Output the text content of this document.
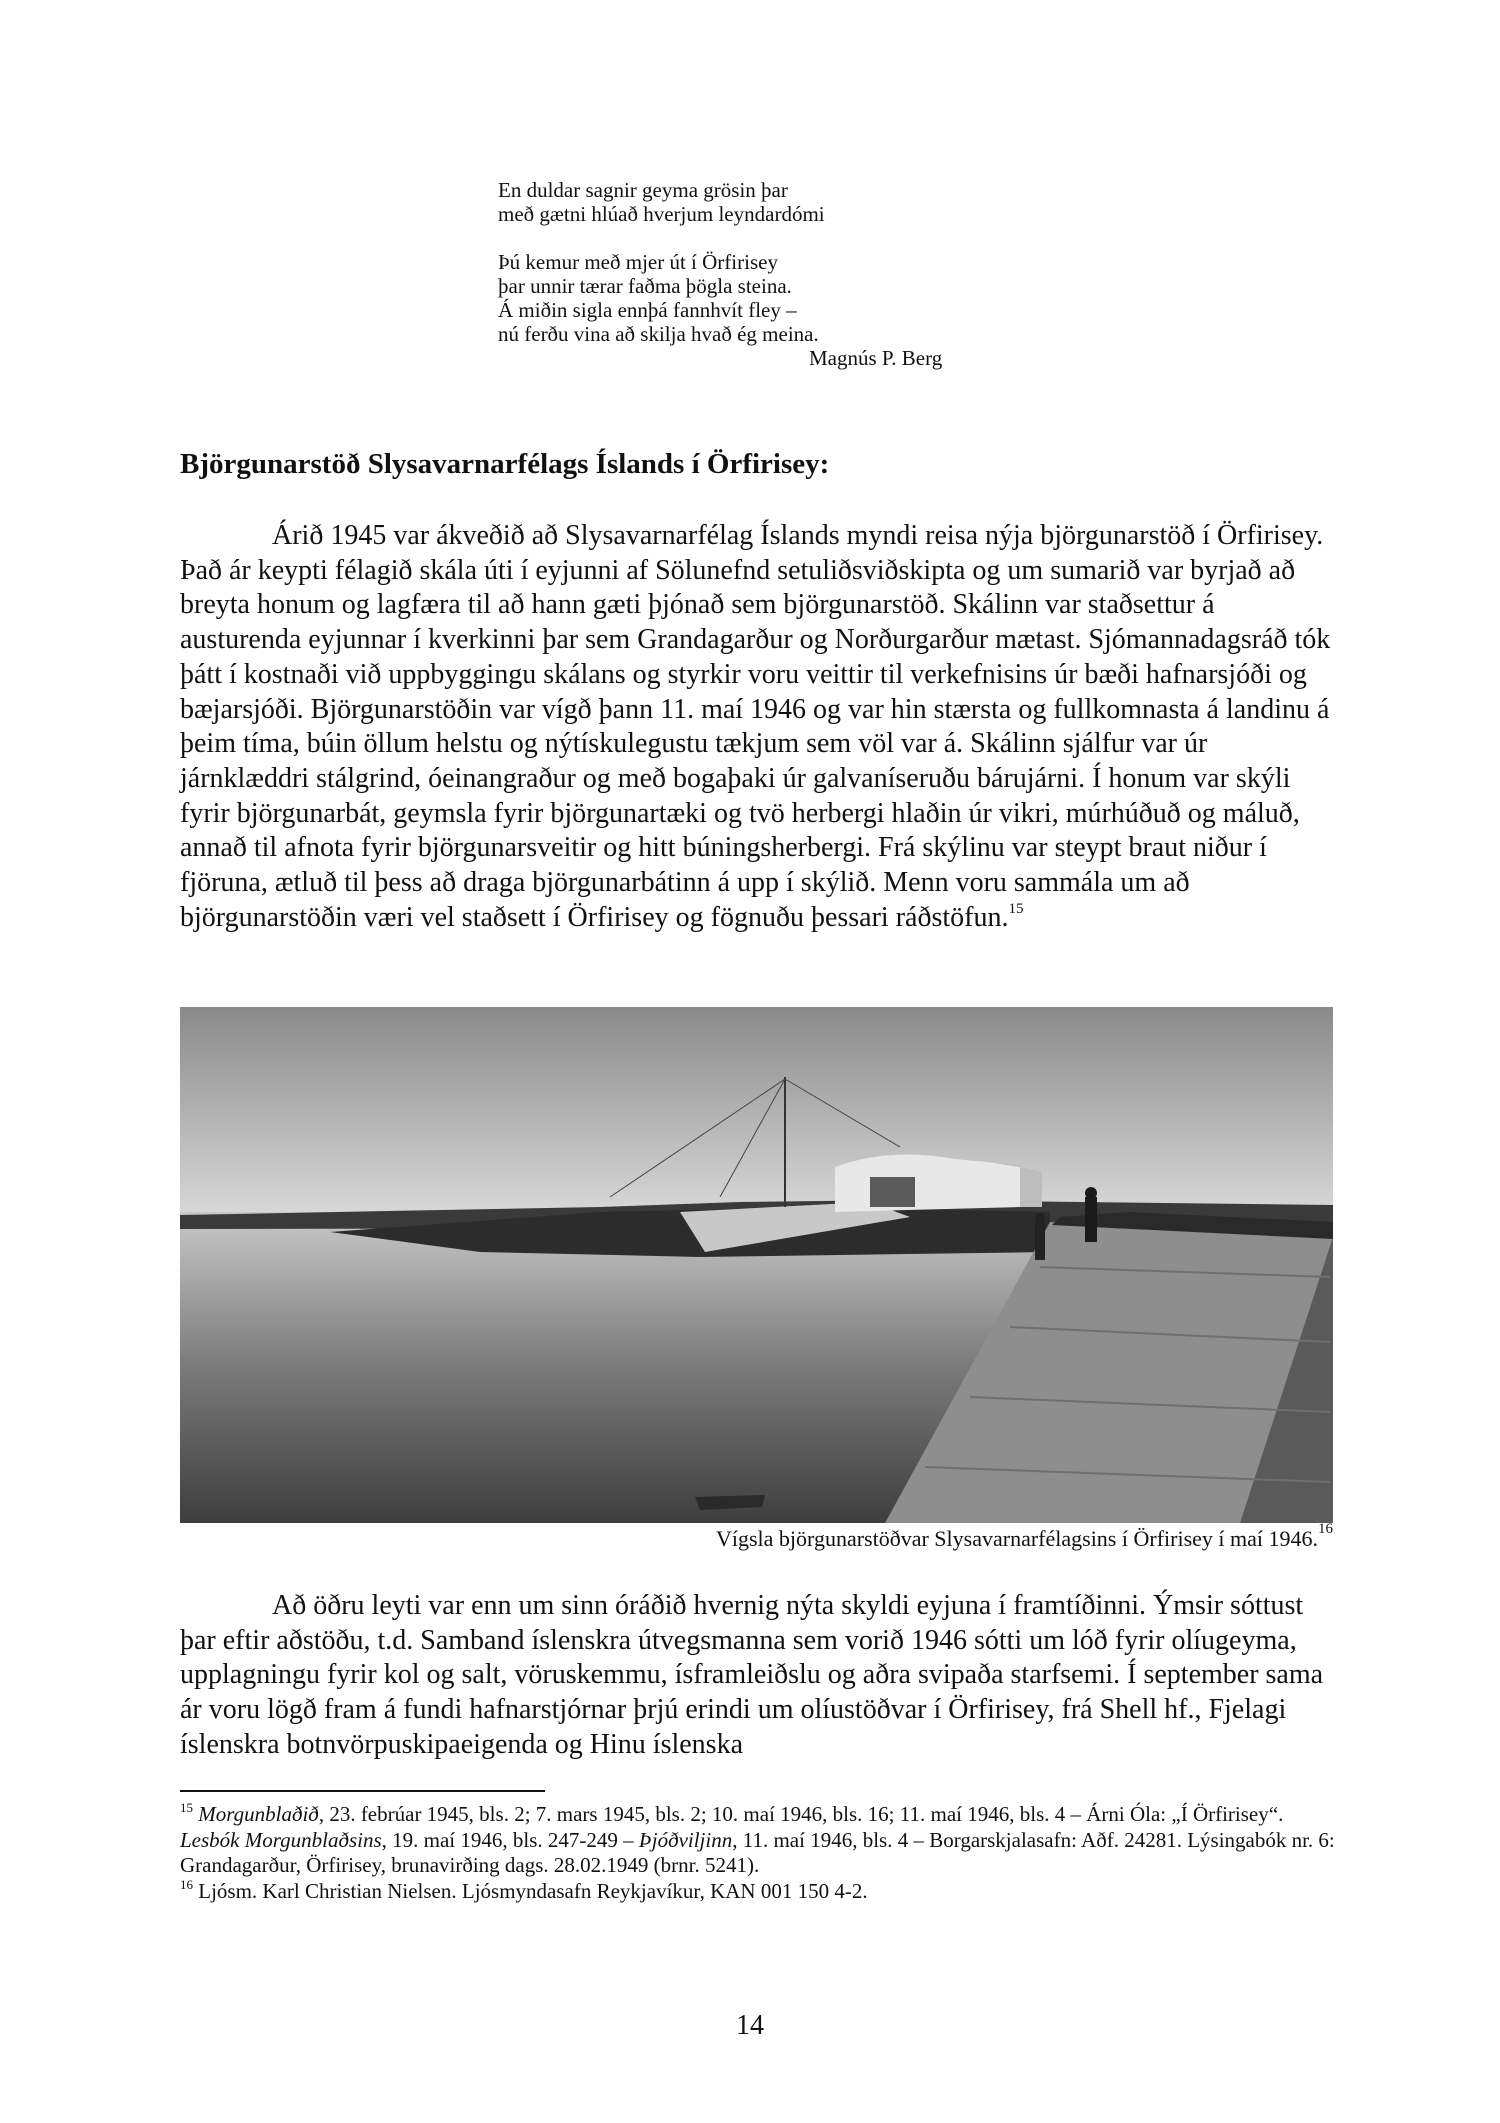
En duldar sagnir geyma grösin þar
með gætni hlúað hverjum leyndardómi
Þú kemur með mjer út í Örfirisey
þar unnir tærar faðma þögla steina.
Á miðin sigla ennþá fannhvít fley –
nú ferðu vina að skilja hvað ég meina.
Magnús P. Berg
Björgunarstöð Slysavarnarfélags Íslands í Örfirisey:

Árið 1945 var ákveðið að Slysavarnarfélag Íslands myndi reisa nýja björgunarstöð í Örfirisey. Það ár keypti félagið skála úti í eyjunni af Sölunefnd setuliðsviðskipta og um sumarið var byrjað að breyta honum og lagfæra til að hann gæti þjónað sem björgunarstöð. Skálinn var staðsettur á austurenda eyjunnar í kverkinni þar sem Grandagarður og Norðurgarður mætast. Sjómannadagsráð tók þátt í kostnaði við uppbyggingu skálans og styrkir voru veittir til verkefnisins úr bæði hafnarsjóði og bæjarsjóði. Björgunarstöðin var vígð þann 11. maí 1946 og var hin stærsta og fullkomnasta á landinu á þeim tíma, búin öllum helstu og nýtískulegustu tækjum sem völ var á. Skálinn sjálfur var úr járnklæddri stálgrind, óeinangraður og með bogaþaki úr galvaníseruðu bárujárni. Í honum var skýli fyrir björgunarbát, geymsla fyrir björgunartæki og tvö herbergi hlaðin úr vikri, múrhúðuð og máluð, annað til afnota fyrir björgunarsveitir og hitt búningsherbergi. Frá skýlinu var steypt braut niður í fjöruna, ætluð til þess að draga björgunarbátinn á upp í skýlið. Menn voru sammála um að björgunarstöðin væri vel staðsett í Örfirisey og fögnuðu þessari ráðstöfun.$^{15}$

Vígsla björgunarstöðvar Slysavarnarfélagsins í Örfirisey í maí 1946.16

Að öðru leyti var enn um sinn óráðið hvernig nýta skyldi eyjuna í framtíðinni. Ýmsir sóttust þar eftir aðstöðu, t.d. Samband íslenskra útvegsmanna sem vorið 1946 sótti um lóð fyrir olíugeyma, upplagningu fyrir kol og salt, vöruskemmu, ísframleiðslu og aðra svipaða starfsemi. Í september sama ár voru lögð fram á fundi hafnarstjórnar þrjú erindi um olíustöðvar í Örfirisey, frá Shell hf., Fjelagi íslenskra botnvörpuskipaeigenda og Hinu íslenska

$^{15}$ Morgunblaðið, 23. febrúar 1945, bls. 2; 7. mars 1945, bls. 2; 10. maí 1946, bls. 16; 11. maí 1946, bls. 4 – Árni Óla: „Í Örfirisey“. Lesbók Morgunblaðsins, 19. maí 1946, bls. 247-249 – Þjóðviljinn, 11. maí 1946, bls. 4 – Borgarskjalasafn: Aðf. 24281. Lýsingabók nr. 6: Grandagarður, Örfirisey, brunavirðing dags. 28.02.1949 (brnr. 5241).

$^{16}$ Ljósm. Karl Christian Nielsen. Ljósmyndasafn Reykjavíkur, KAN 001 150 4-2.

14
